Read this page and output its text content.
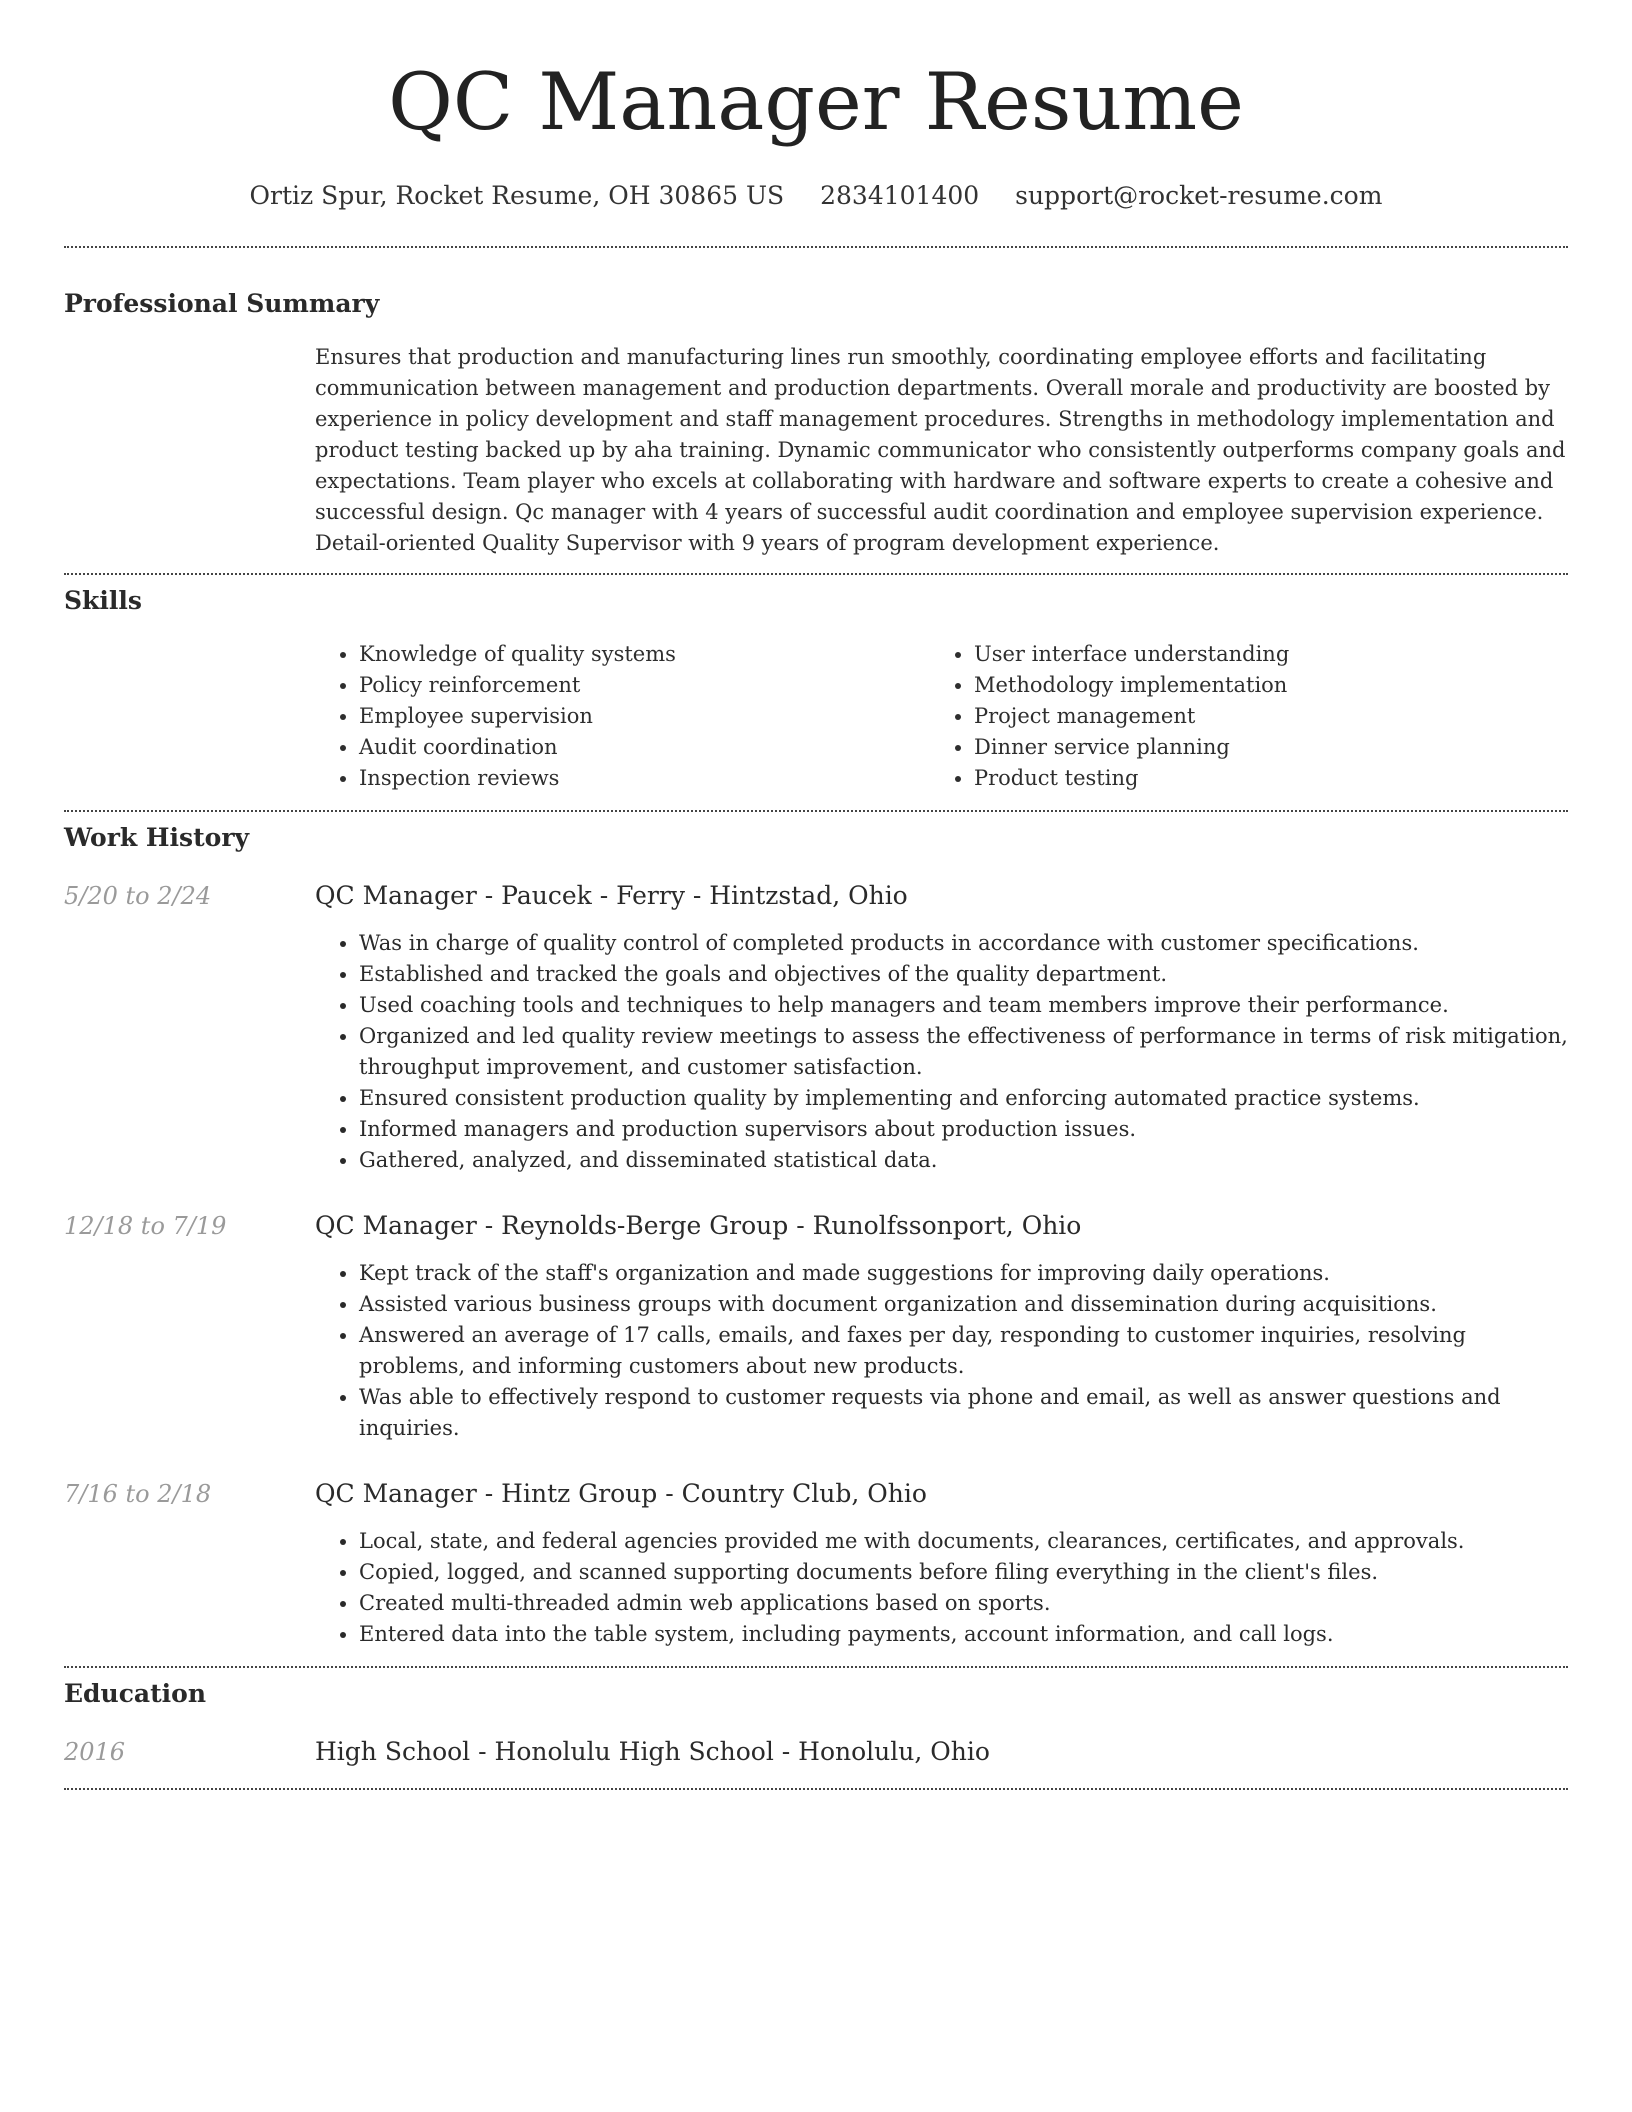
QC Manager Resume
Ortiz Spur, Rocket Resume, OH 30865 US 2834101400 support@rocket-resume.com
Professional Summary

Ensures that production and manufacturing lines run smoothly, coordinating employee efforts and facilitating communication between management and production departments. Overall morale and productivity are boosted by experience in policy development and staff management procedures. Strengths in methodology implementation and product testing backed up by aha training. Dynamic communicator who consistently outperforms company goals and expectations. Team player who excels at collaborating with hardware and software experts to create a cohesive and successful design. Qc manager with 4 years of successful audit coordination and employee supervision experience. Detail-oriented Quality Supervisor with 9 years of program development experience.

Skills
• Knowledge of quality systems
• Policy reinforcement
• Employee supervision
• Audit coordination
• Inspection reviews
• User interface understanding
• Methodology implementation
• Project management
• Dinner service planning
• Product testing
Work History
5/20 to 2/24	QC Manager - Paucek - Ferry - Hintzstad, Ohio
• Was in charge of quality control of completed products in accordance with customer specifications.
• Established and tracked the goals and objectives of the quality department.
• Used coaching tools and techniques to help managers and team members improve their performance.
• Organized and led quality review meetings to assess the effectiveness of performance in terms of risk mitigation, throughput improvement, and customer satisfaction.
• Ensured consistent production quality by implementing and enforcing automated practice systems.
• Informed managers and production supervisors about production issues.
• Gathered, analyzed, and disseminated statistical data.
12/18 to 7/19	QC Manager - Reynolds-Berge Group - Runolfssonport, Ohio
• Kept track of the staff's organization and made suggestions for improving daily operations.
• Assisted various business groups with document organization and dissemination during acquisitions.
• Answered an average of 17 calls, emails, and faxes per day, responding to customer inquiries, resolving problems, and informing customers about new products.
• Was able to effectively respond to customer requests via phone and email, as well as answer questions and inquiries.
7/16 to 2/18	QC Manager - Hintz Group - Country Club, Ohio
• Local, state, and federal agencies provided me with documents, clearances, certificates, and approvals.
• Copied, logged, and scanned supporting documents before filing everything in the client's files.
• Created multi-threaded admin web applications based on sports.
• Entered data into the table system, including payments, account information, and call logs.
Education
2016	High School - Honolulu High School - Honolulu, Ohio
